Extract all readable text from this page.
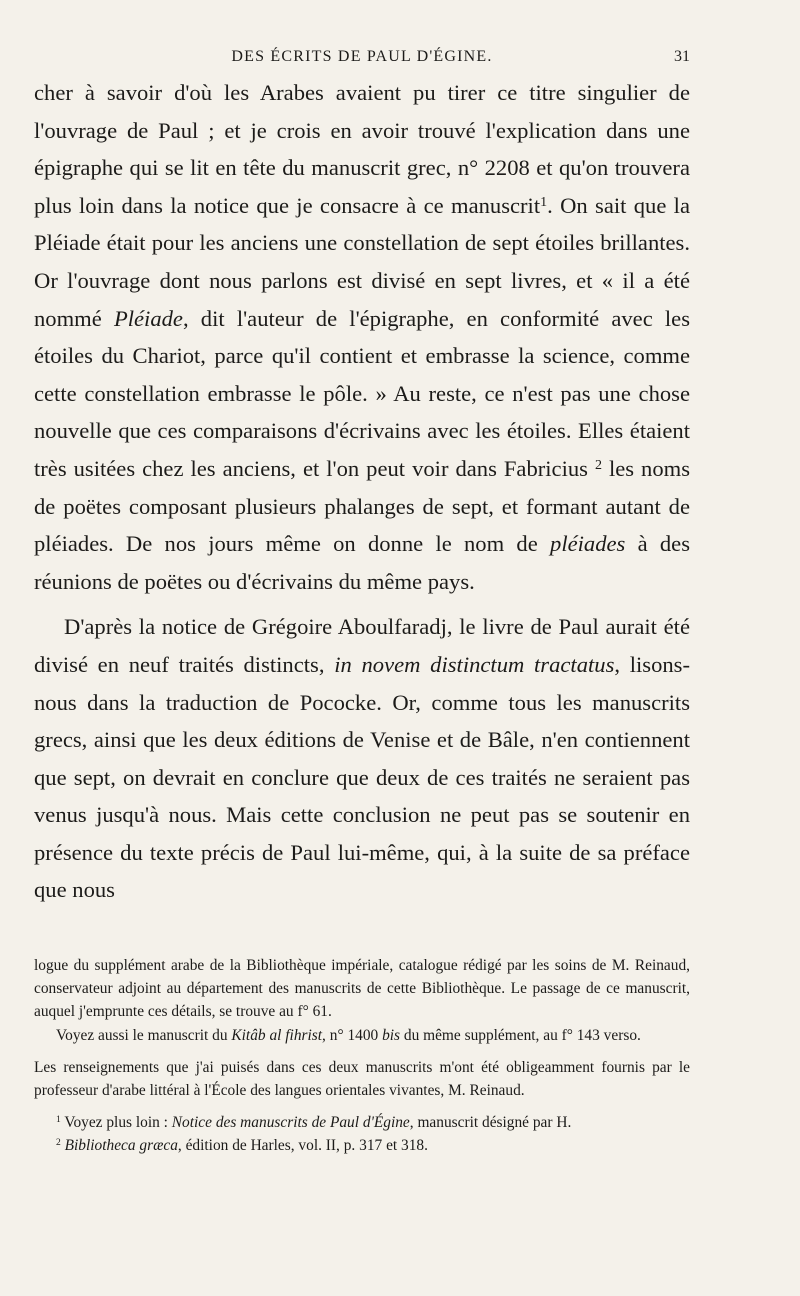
DES ÉCRITS DE PAUL D'ÉGINE.	31

cher à savoir d'où les Arabes avaient pu tirer ce titre singulier de l'ouvrage de Paul ; et je crois en avoir trouvé l'explication dans une épigraphe qui se lit en tête du manuscrit grec, n° 2208 et qu'on trouvera plus loin dans la notice que je consacre à ce manuscrit$^1$. On sait que la Pléiade était pour les anciens une constellation de sept étoiles brillantes. Or l'ouvrage dont nous parlons est divisé en sept livres, et « il a été nommé Pléiade, dit l'auteur de l'épigraphe, en conformité avec les étoiles du Chariot, parce qu'il contient et embrasse la science, comme cette constellation embrasse le pôle. » Au reste, ce n'est pas une chose nouvelle que ces comparaisons d'écrivains avec les étoiles. Elles étaient très usitées chez les anciens, et l'on peut voir dans Fabricius $^2$ les noms de poëtes composant plusieurs phalanges de sept, et formant autant de pléiades. De nos jours même on donne le nom de pléiades à des réunions de poëtes ou d'écrivains du même pays.

D'après la notice de Grégoire Aboulfaradj, le livre de Paul aurait été divisé en neuf traités distincts, in novem distinctum tractatus, lisons-nous dans la traduction de Pococke. Or, comme tous les manuscrits grecs, ainsi que les deux éditions de Venise et de Bâle, n'en contiennent que sept, on devrait en conclure que deux de ces traités ne seraient pas venus jusqu'à nous. Mais cette conclusion ne peut pas se soutenir en présence du texte précis de Paul lui-même, qui, à la suite de sa préface que nous

logue du supplément arabe de la Bibliothèque impériale, catalogue rédigé par les soins de M. Reinaud, conservateur adjoint au département des manuscrits de cette Bibliothèque. Le passage de ce manuscrit, auquel j'emprunte ces détails, se trouve au f° 61.

Voyez aussi le manuscrit du Kitâb al fihrist, n° 1400 bis du même supplément, au f° 143 verso.

Les renseignements que j'ai puisés dans ces deux manuscrits m'ont été obligeamment fournis par le professeur d'arabe littéral à l'École des langues orientales vivantes, M. Reinaud.

$^1$ Voyez plus loin : Notice des manuscrits de Paul d'Égine, manuscrit désigné par H.

$^2$ Bibliotheca græca, édition de Harles, vol. II, p. 317 et 318.
